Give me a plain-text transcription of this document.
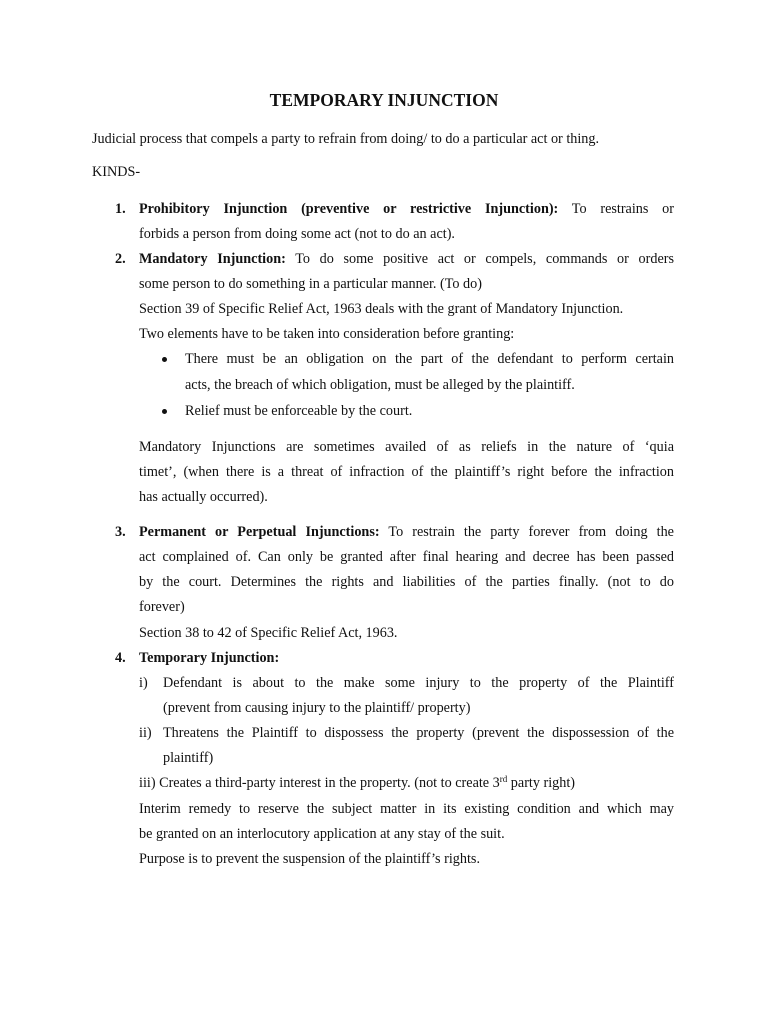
TEMPORARY INJUNCTION
Judicial process that compels a party to refrain from doing/ to do a particular act or thing.
KINDS-
1. Prohibitory Injunction (preventive or restrictive Injunction): To restrains or
forbids a person from doing some act (not to do an act).
2. Mandatory Injunction: To do some positive act or compels, commands or orders
some person to do something in a particular manner. (To do)
Section 39 of Specific Relief Act, 1963 deals with the grant of Mandatory Injunction.
Two elements have to be taken into consideration before granting:
There must be an obligation on the part of the defendant to perform certain
acts, the breach of which obligation, must be alleged by the plaintiff.
Relief must be enforceable by the court.
Mandatory Injunctions are sometimes availed of as reliefs in the nature of ‘quia
timet’, (when there is a threat of infraction of the plaintiff’s right before the infraction
has actually occurred).
3. Permanent or Perpetual Injunctions: To restrain the party forever from doing the
act complained of. Can only be granted after final hearing and decree has been passed
by the court. Determines the rights and liabilities of the parties finally. (not to do
forever)
Section 38 to 42 of Specific Relief Act, 1963.
4. Temporary Injunction:
i) Defendant is about to the make some injury to the property of the Plaintiff
(prevent from causing injury to the plaintiff/ property)
ii) Threatens the Plaintiff to dispossess the property (prevent the dispossession of the
plaintiff)
iii) Creates a third-party interest in the property. (not to create 3rd party right)
Interim remedy to reserve the subject matter in its existing condition and which may
be granted on an interlocutory application at any stay of the suit.
Purpose is to prevent the suspension of the plaintiff’s rights.
